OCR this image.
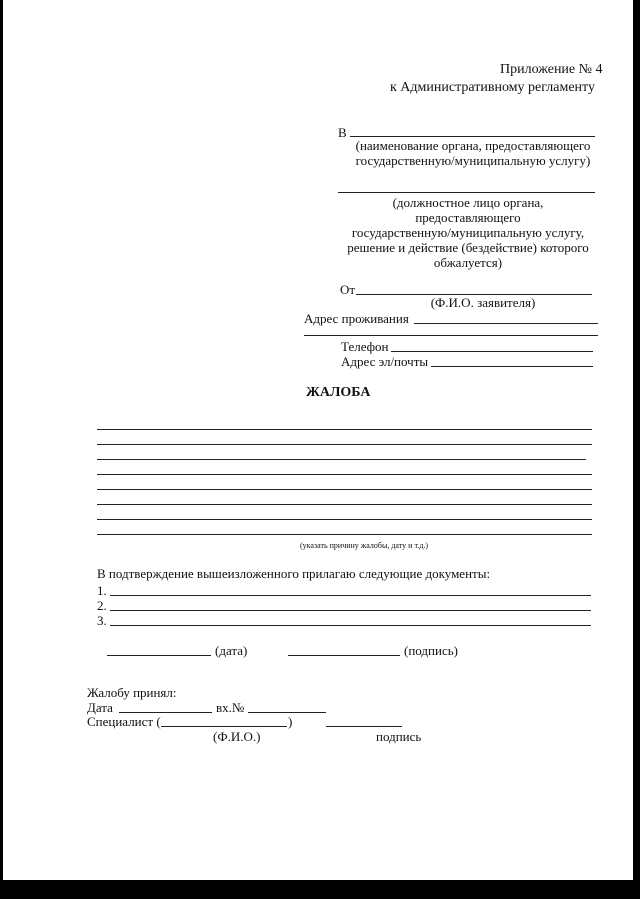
Приложение № 4
к Административному регламенту
В
(наименование органа, предоставляющего
государственную/муниципальную услугу)
(должностное лицо органа,
предоставляющего
государственную/муниципальную услугу,
решение и действие (бездействие) которого
обжалуется)
От
(Ф.И.О. заявителя)
Адрес проживания
Телефон
Адрес эл/почты
ЖАЛОБА
(указать причину жалобы, дату и т.д.)
В подтверждение вышеизложенного прилагаю следующие документы:
1.
2.
3.
(дата)	(подпись)
Жалобу принял:
Дата	вх.№
Специалист (	)
(Ф.И.О.)	подпись
